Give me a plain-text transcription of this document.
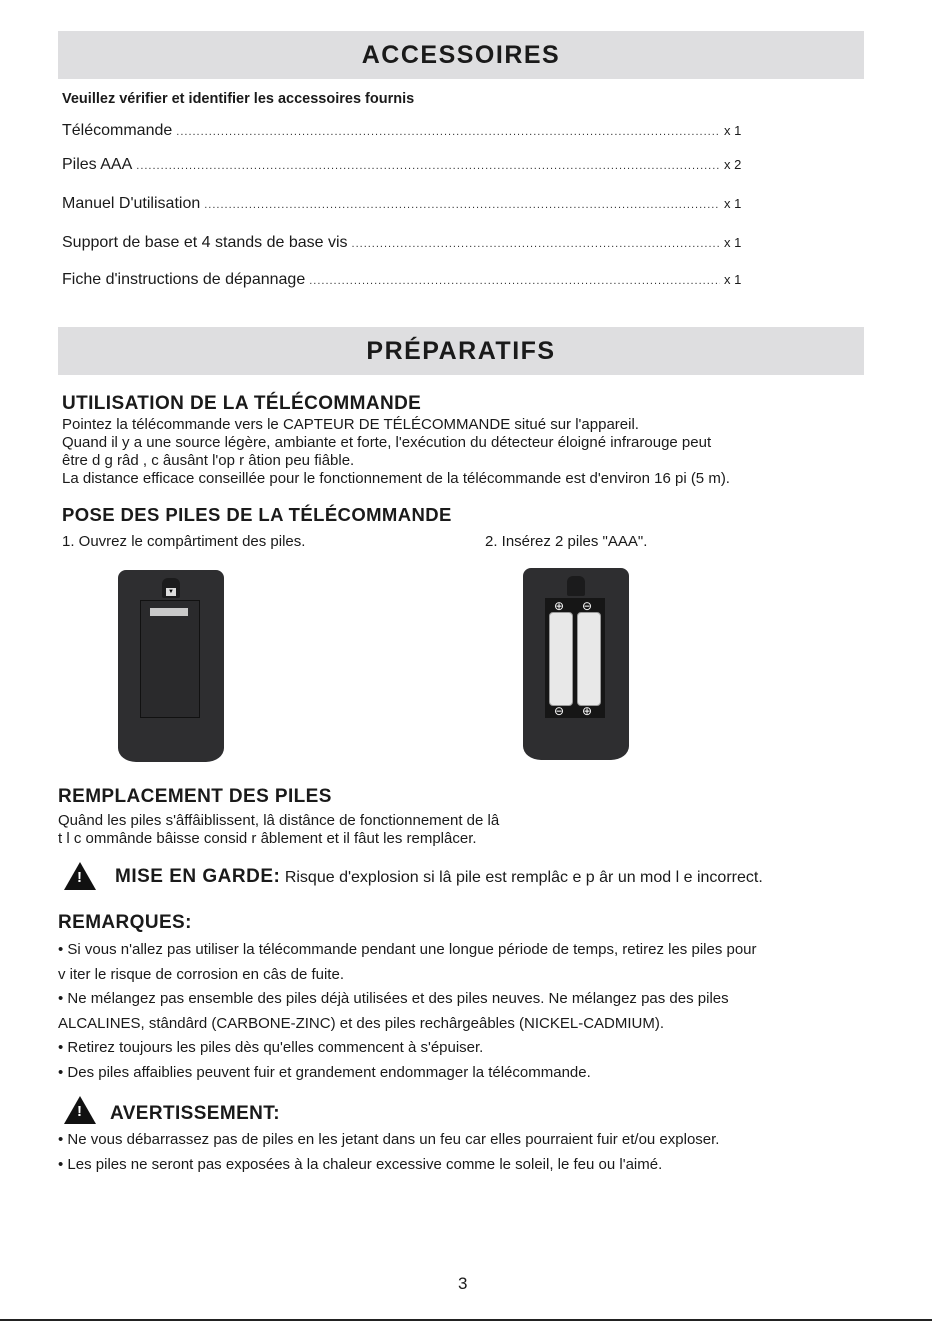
ACCESSOIRES
Veuillez vérifier et identifier les accessoires fournis
Télécommande .....	x 1
Piles AAA .....	x 2
Manuel D'utilisation .....	x 1
Support de base et 4 stands de base vis .....	x 1
Fiche d'instructions de dépannage .....	x 1
PRÉPARATIFS
UTILISATION DE LA TÉLÉCOMMANDE
Pointez la télécommande vers le CAPTEUR DE TÉLÉCOMMANDE situé sur l'appareil.
Quand il y a une source légère, ambiante et forte, l'exécution du détecteur éloigné infrarouge peut
être d g râd , c âusânt l'op r âtion peu fiâble.
La distance efficace conseillée pour le fonctionnement de la télécommande est d'environ 16 pi (5 m).
POSE DES PILES DE LA TÉLÉCOMMANDE
1. Ouvrez le compârtiment des piles.	2. Insérez 2 piles "AAA".
▼
⊕ ⊖
⊖ ⊕
REMPLACEMENT DES PILES
Quând les piles s'âffâiblissent, lâ distânce de fonctionnement de lâ
t l c ommânde bâisse consid r âblement et il fâut les remplâcer.
!
MISE EN GARDE: Risque d'explosion si lâ pile est remplâc e p âr un mod l e incorrect.
REMARQUES:

• Si vous n'allez pas utiliser la télécommande pendant une longue période de temps, retirez les piles pour

v iter le risque de corrosion en câs de fuite.

• Ne mélangez pas ensemble des piles déjà utilisées et des piles neuves. Ne mélangez pas des piles

ALCALINES, stândârd (CARBONE-ZINC) et des piles rechârgeâbles (NICKEL-CADMIUM).

• Retirez toujours les piles dès qu'elles commencent à s'épuiser.

• Des piles affaiblies peuvent fuir et grandement endommager la télécommande.

!
AVERTISSEMENT:

• Ne vous débarrassez pas de piles en les jetant dans un feu car elles pourraient fuir et/ou exploser.

• Les piles ne seront pas exposées à la chaleur excessive comme le soleil, le feu ou l'aimé.

3
